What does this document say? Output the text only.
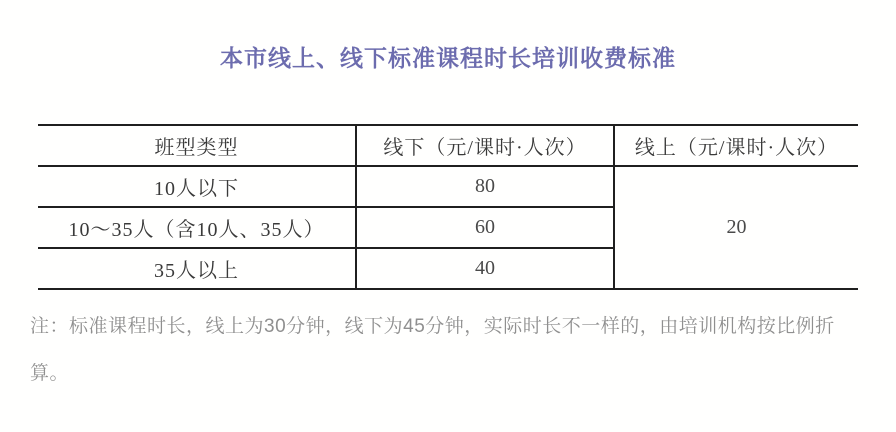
本市线上、线下标准课程时长培训收费标准
班型类型	线下（元/课时·人次）	线上（元/课时·人次）
10人以下	80	20
10～35人（含10人、35人）	60	
35人以上	40	
注：标准课程时长，线上为30分钟，线下为45分钟，实际时长不一样的，由培训机构按比例折算。
